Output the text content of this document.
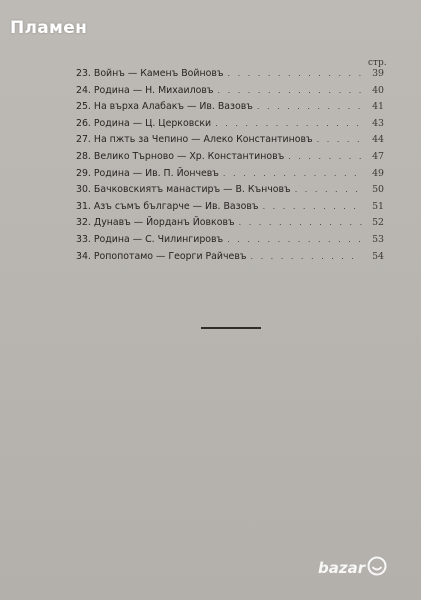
Пламен
стр.
23. Войнъ — Каменъ Войновъ . . .	39
24. Родина — Н. Михаиловъ . . .	40
25. На върха Алабакъ — Ив. Вазовъ . . .	41
26. Родина — Ц. Церковски . . .	43
27. На пжть за Чепино — Алеко Константиновъ . . .	44
28. Велико Търново — Хр. Константиновъ . . .	47
29. Родина — Ив. П. Йончевъ . . .	49
30. Бачковскиятъ манастиръ — В. Кънчовъ . . .	50
31. Азъ съмъ българче — Ив. Вазовъ . . .	51
32. Дунавъ — Йорданъ Йовковъ . . .	52
33. Родина — С. Чилингировъ . . .	53
34. Ропопотамо — Георги Райчевъ . . .	54
bazar
